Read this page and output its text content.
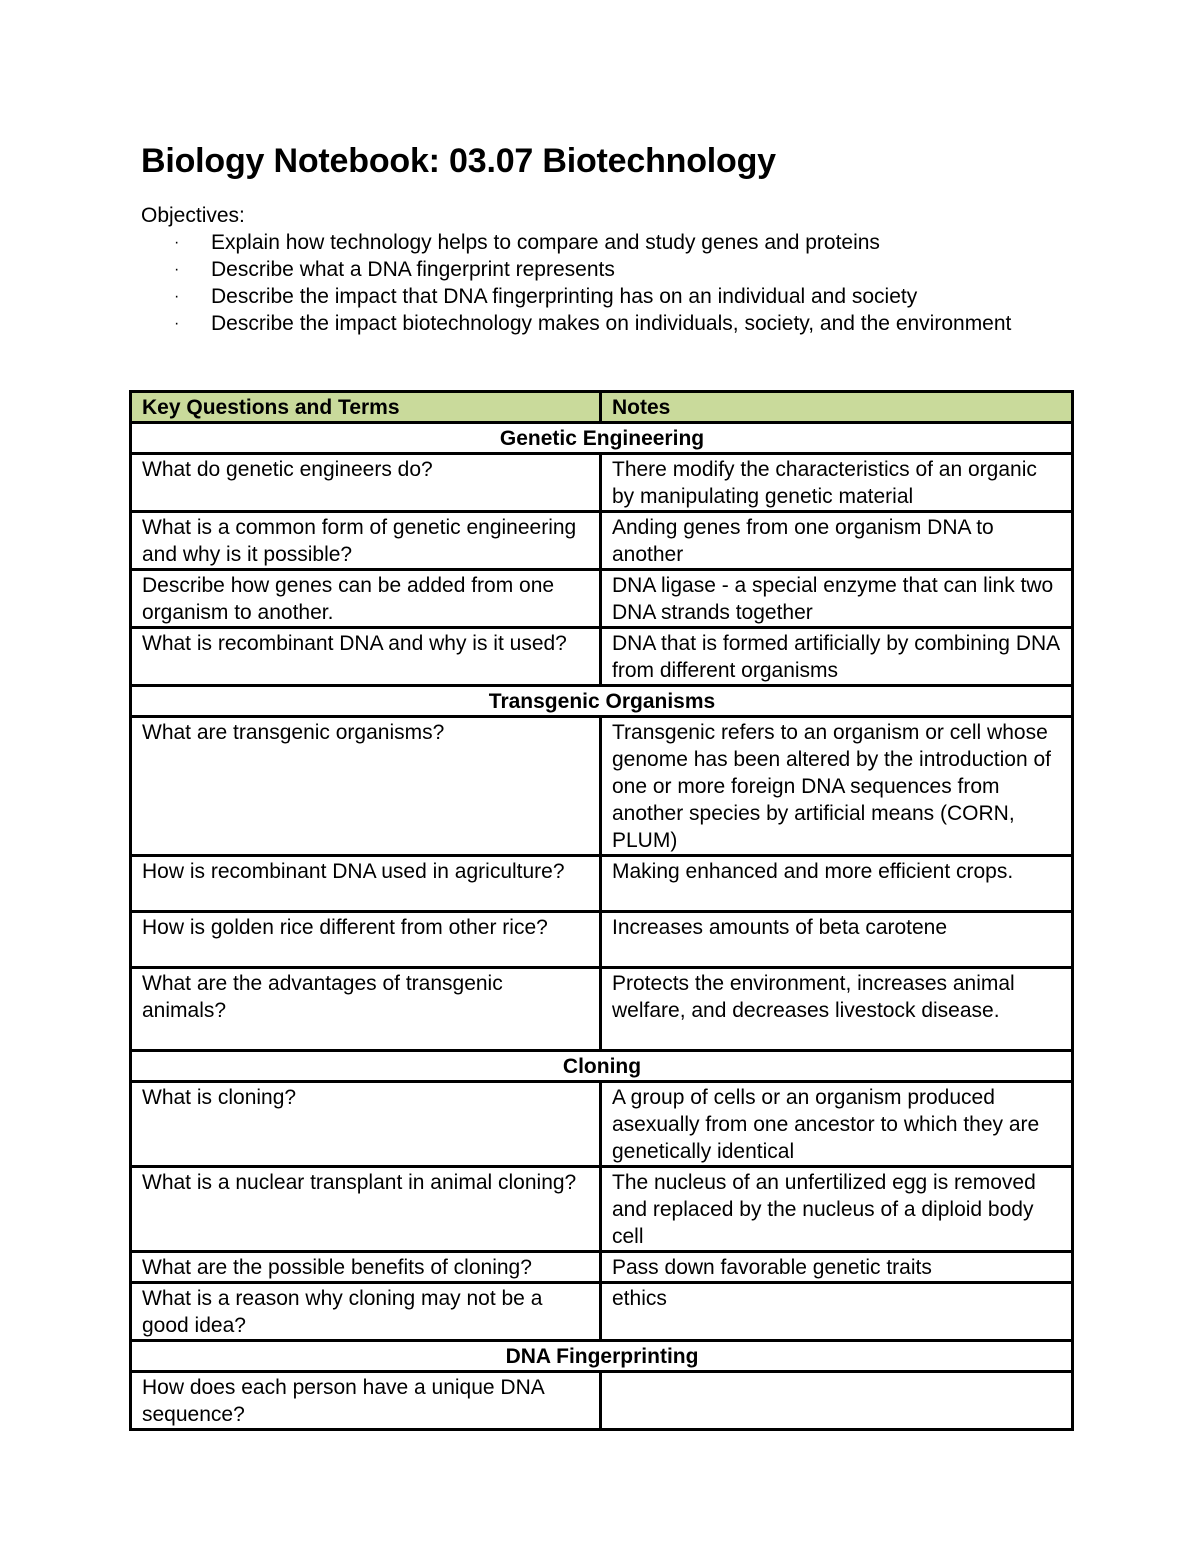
Biology Notebook: 03.07 Biotechnology
Objectives:
· Explain how technology helps to compare and study genes and proteins
· Describe what a DNA fingerprint represents
· Describe the impact that DNA fingerprinting has on an individual and society
· Describe the impact biotechnology makes on individuals, society, and the environment
Key Questions and Terms	Notes
Genetic Engineering	
What do genetic engineers do?	There modify the characteristics of an organic by manipulating genetic material
What is a common form of genetic engineering and why is it possible?	Anding genes from one organism DNA to another
Describe how genes can be added from one organism to another.	DNA ligase - a special enzyme that can link two DNA strands together
What is recombinant DNA and why is it used?	DNA that is formed artificially by combining DNA from different organisms
Transgenic Organisms	
What are transgenic organisms?	Transgenic refers to an organism or cell whose genome has been altered by the introduction of one or more foreign DNA sequences from another species by artificial means (CORN, PLUM)
How is recombinant DNA used in agriculture?	Making enhanced and more efficient crops.
How is golden rice different from other rice?	Increases amounts of beta carotene
What are the advantages of transgenic animals?	Protects the environment, increases animal welfare, and decreases livestock disease.
Cloning	
What is cloning?	A group of cells or an organism produced asexually from one ancestor to which they are genetically identical
What is a nuclear transplant in animal cloning?	The nucleus of an unfertilized egg is removed and replaced by the nucleus of a diploid body cell
What are the possible benefits of cloning?	Pass down favorable genetic traits
What is a reason why cloning may not be a good idea?	ethics
DNA Fingerprinting	
How does each person have a unique DNA sequence?	
